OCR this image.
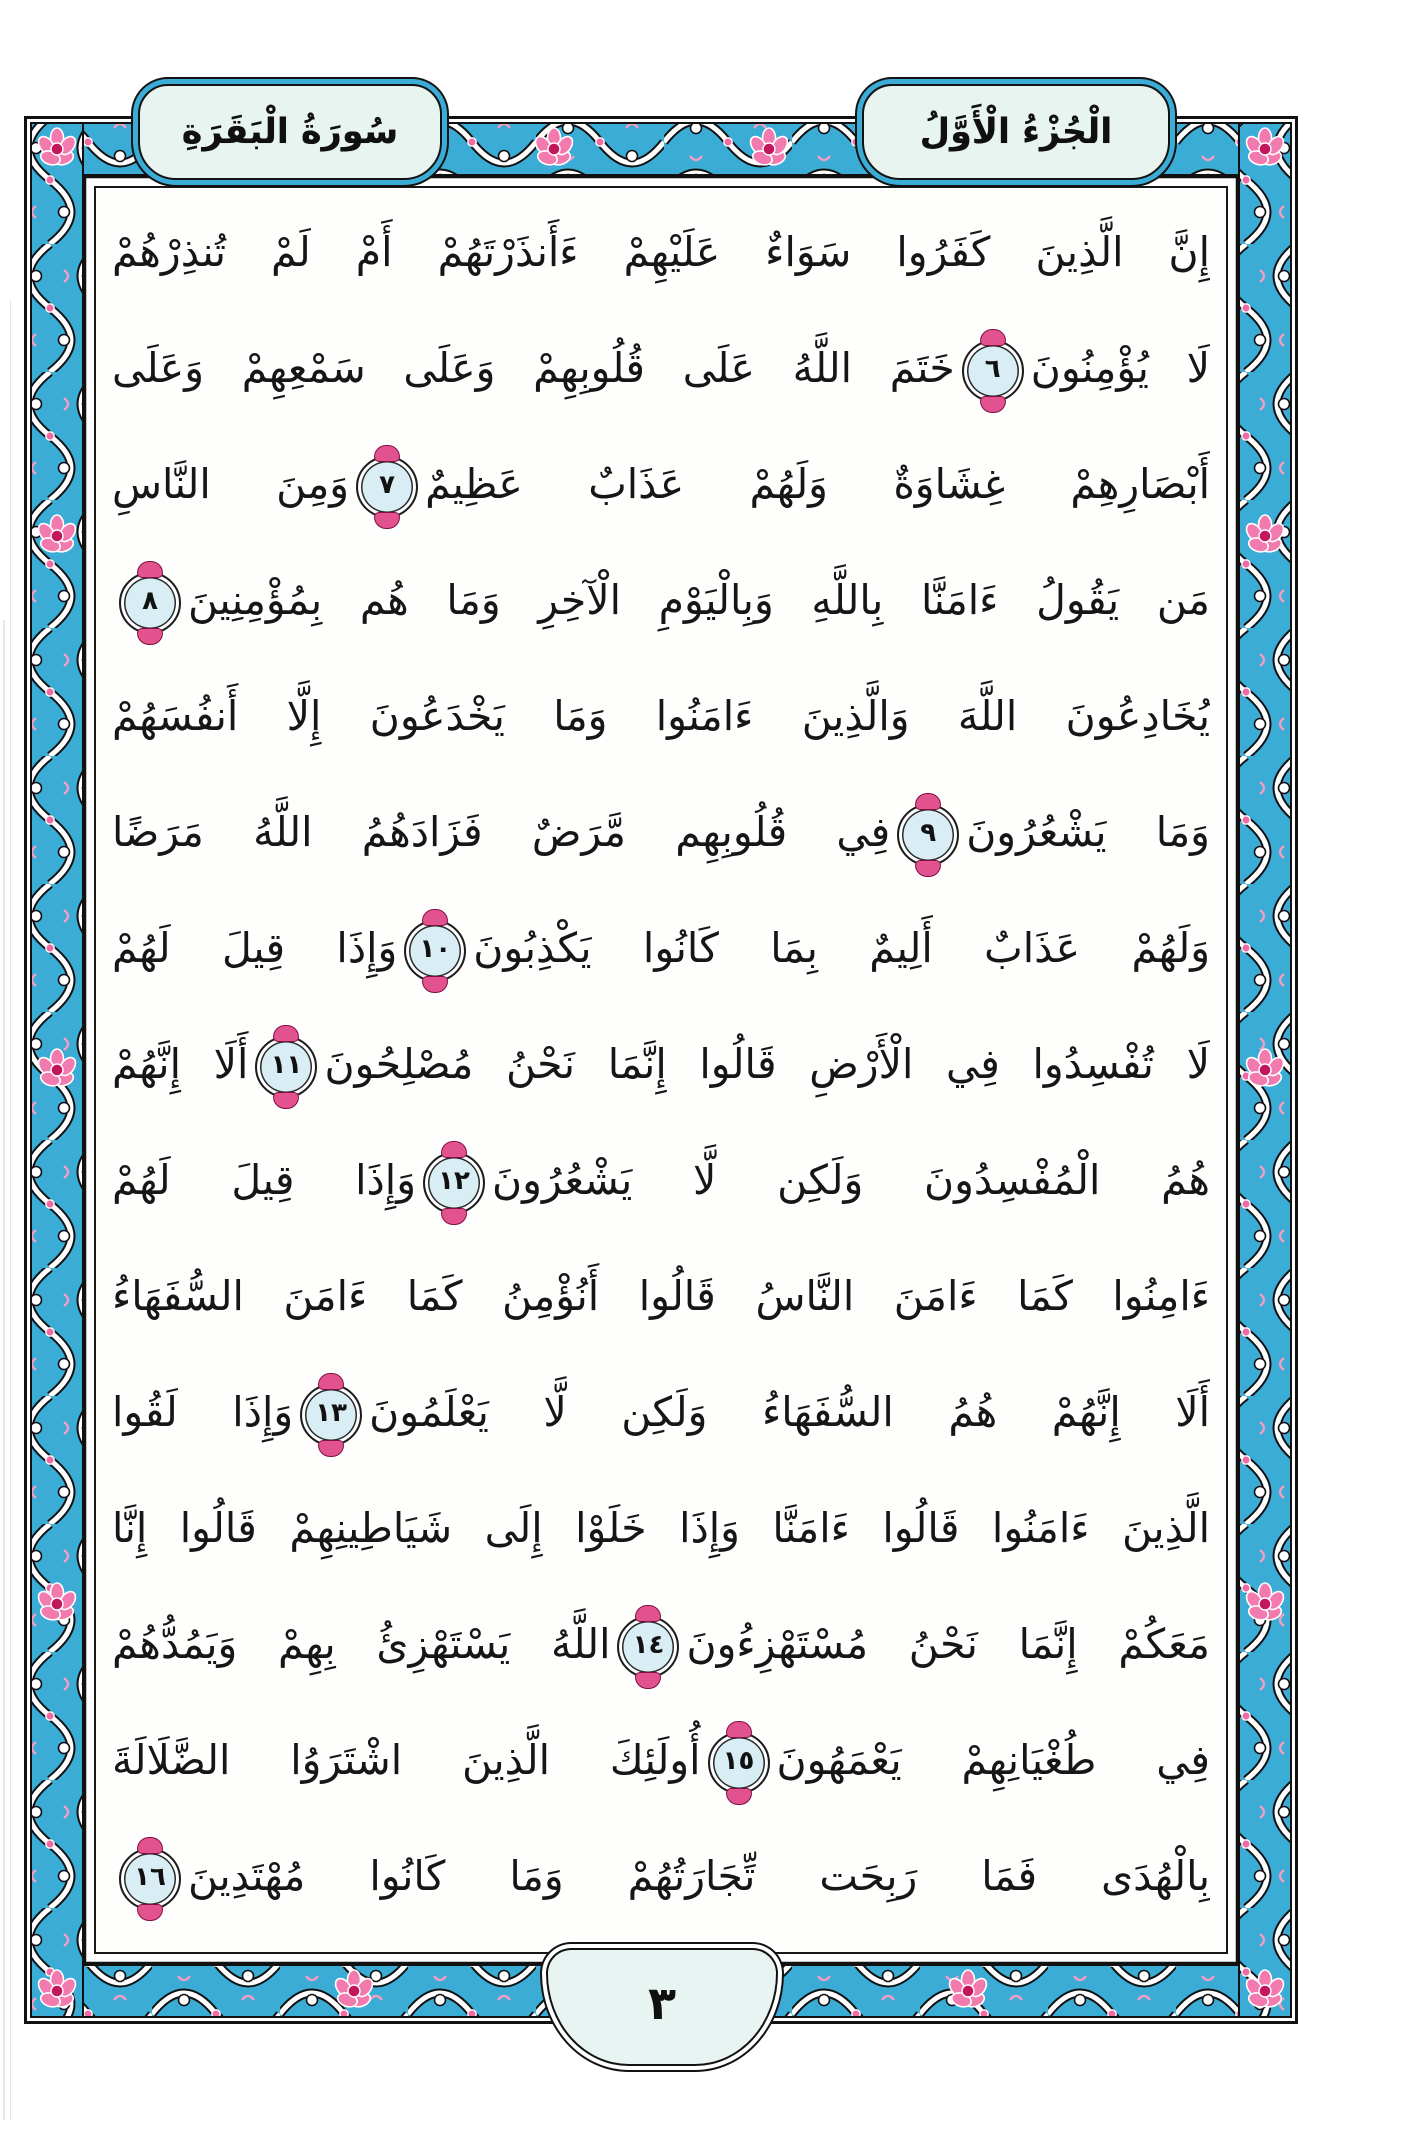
إِنَّ الَّذِينَ كَفَرُوا سَوَاءٌ عَلَيْهِمْ ءَأَنذَرْتَهُمْ أَمْ لَمْ تُنذِرْهُمْ
لَا يُؤْمِنُونَ٦خَتَمَ اللَّهُ عَلَى قُلُوبِهِمْ وَعَلَى سَمْعِهِمْ وَعَلَى
أَبْصَارِهِمْ غِشَاوَةٌ وَلَهُمْ عَذَابٌ عَظِيمٌ٧وَمِنَ النَّاسِ
مَن يَقُولُ ءَامَنَّا بِاللَّهِ وَبِالْيَوْمِ الْآخِرِ وَمَا هُم بِمُؤْمِنِينَ٨
يُخَادِعُونَ اللَّهَ وَالَّذِينَ ءَامَنُوا وَمَا يَخْدَعُونَ إِلَّا أَنفُسَهُمْ
وَمَا يَشْعُرُونَ٩فِي قُلُوبِهِم مَّرَضٌ فَزَادَهُمُ اللَّهُ مَرَضًا
وَلَهُمْ عَذَابٌ أَلِيمٌ بِمَا كَانُوا يَكْذِبُونَ١٠وَإِذَا قِيلَ لَهُمْ
لَا تُفْسِدُوا فِي الْأَرْضِ قَالُوا إِنَّمَا نَحْنُ مُصْلِحُونَ١١أَلَا إِنَّهُمْ
هُمُ الْمُفْسِدُونَ وَلَكِن لَّا يَشْعُرُونَ١٢وَإِذَا قِيلَ لَهُمْ
ءَامِنُوا كَمَا ءَامَنَ النَّاسُ قَالُوا أَنُؤْمِنُ كَمَا ءَامَنَ السُّفَهَاءُ
أَلَا إِنَّهُمْ هُمُ السُّفَهَاءُ وَلَكِن لَّا يَعْلَمُونَ١٣وَإِذَا لَقُوا
الَّذِينَ ءَامَنُوا قَالُوا ءَامَنَّا وَإِذَا خَلَوْا إِلَى شَيَاطِينِهِمْ قَالُوا إِنَّا
مَعَكُمْ إِنَّمَا نَحْنُ مُسْتَهْزِءُونَ١٤اللَّهُ يَسْتَهْزِئُ بِهِمْ وَيَمُدُّهُمْ
فِي طُغْيَانِهِمْ يَعْمَهُونَ١٥أُولَئِكَ الَّذِينَ اشْتَرَوُا الضَّلَالَةَ
بِالْهُدَى فَمَا رَبِحَت تِّجَارَتُهُمْ وَمَا كَانُوا مُهْتَدِينَ١٦
سُورَةُ الْبَقَرَةِ	الْجُزْءُ الْأَوَّلُ
٣
